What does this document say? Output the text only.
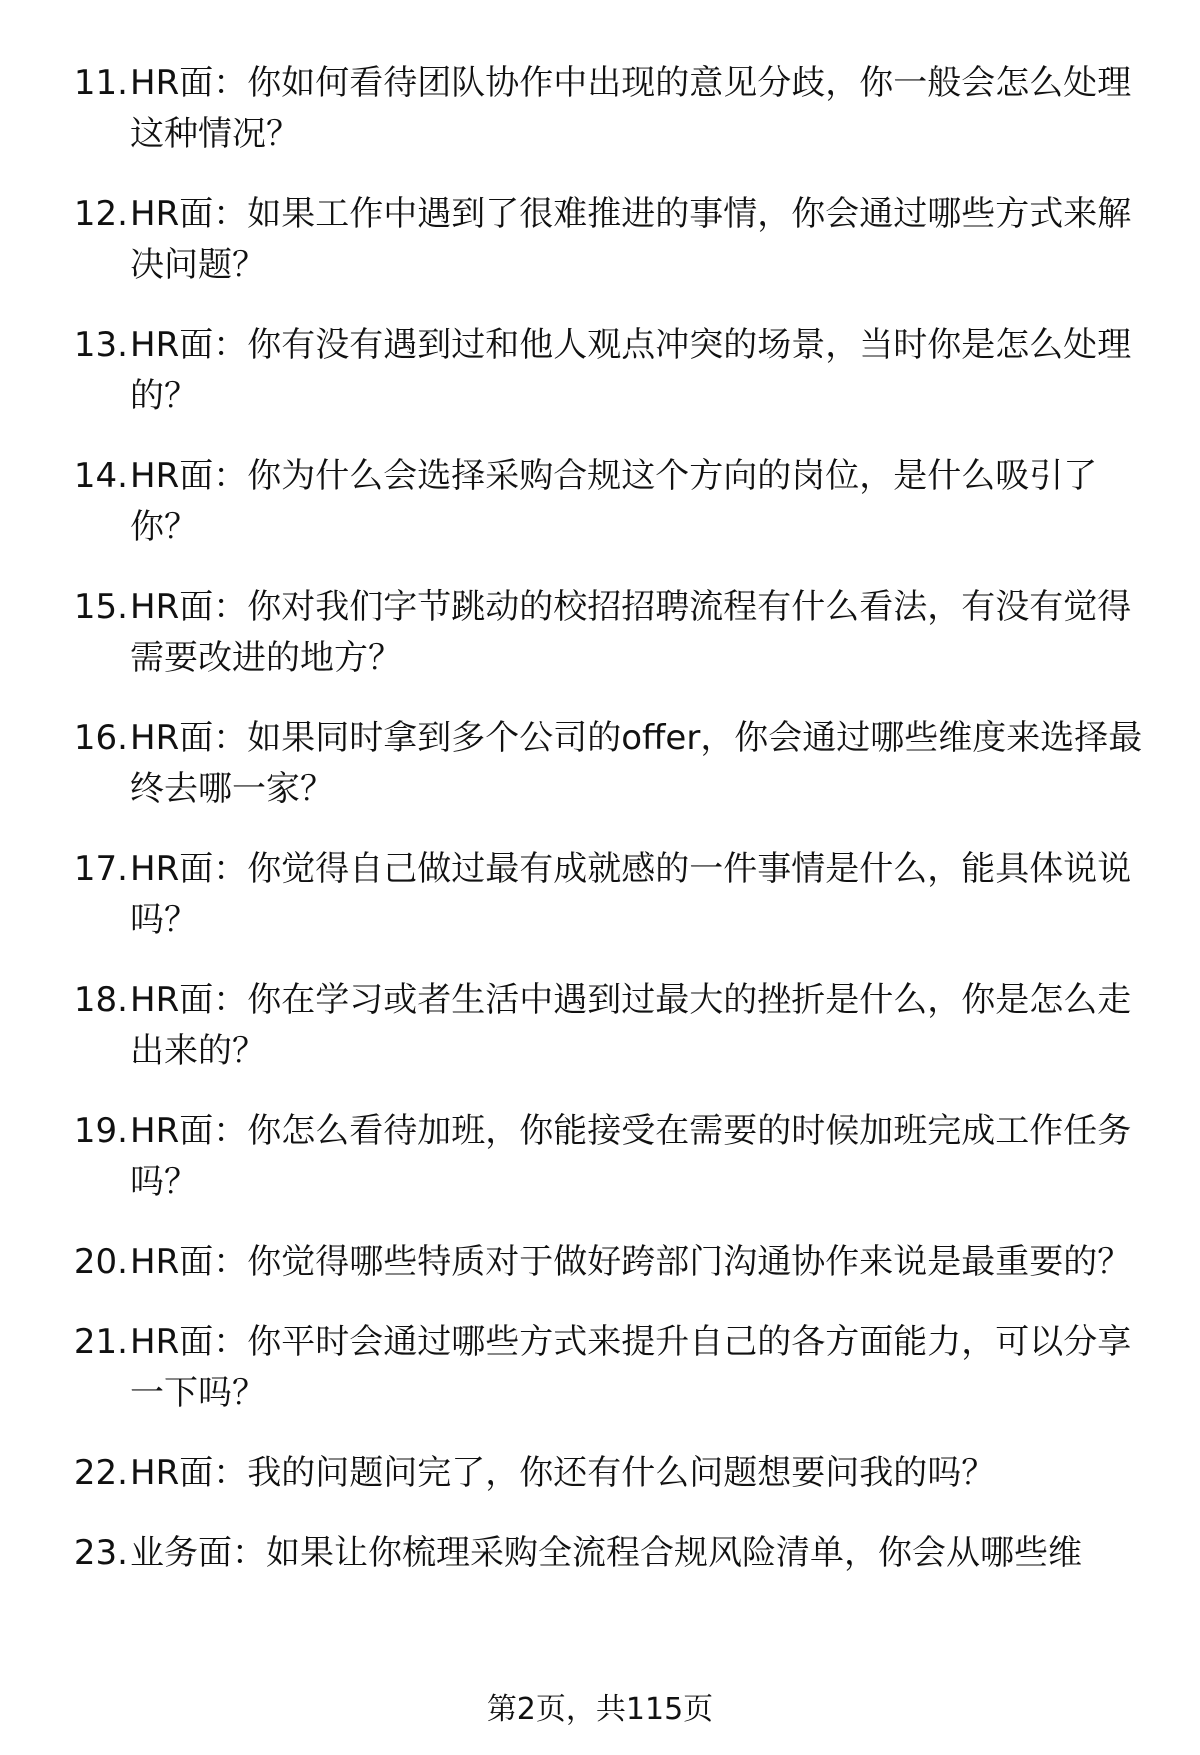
11. HR面：你如何看待团队协作中出现的意见分歧，你一般会怎么处理这种情况？
12. HR面：如果工作中遇到了很难推进的事情，你会通过哪些方式来解决问题？
13. HR面：你有没有遇到过和他人观点冲突的场景，当时你是怎么处理的？
14. HR面：你为什么会选择采购合规这个方向的岗位，是什么吸引了你？
15. HR面：你对我们字节跳动的校招招聘流程有什么看法，有没有觉得需要改进的地方？
16. HR面：如果同时拿到多个公司的offer，你会通过哪些维度来选择最终去哪一家？
17. HR面：你觉得自己做过最有成就感的一件事情是什么，能具体说说吗？
18. HR面：你在学习或者生活中遇到过最大的挫折是什么，你是怎么走出来的？
19. HR面：你怎么看待加班，你能接受在需要的时候加班完成工作任务吗？
20. HR面：你觉得哪些特质对于做好跨部门沟通协作来说是最重要的？
21. HR面：你平时会通过哪些方式来提升自己的各方面能力，可以分享一下吗？
22. HR面：我的问题问完了，你还有什么问题想要问我的吗？
23. 业务面：如果让你梳理采购全流程合规风险清单，你会从哪些维
第2页，共115页
